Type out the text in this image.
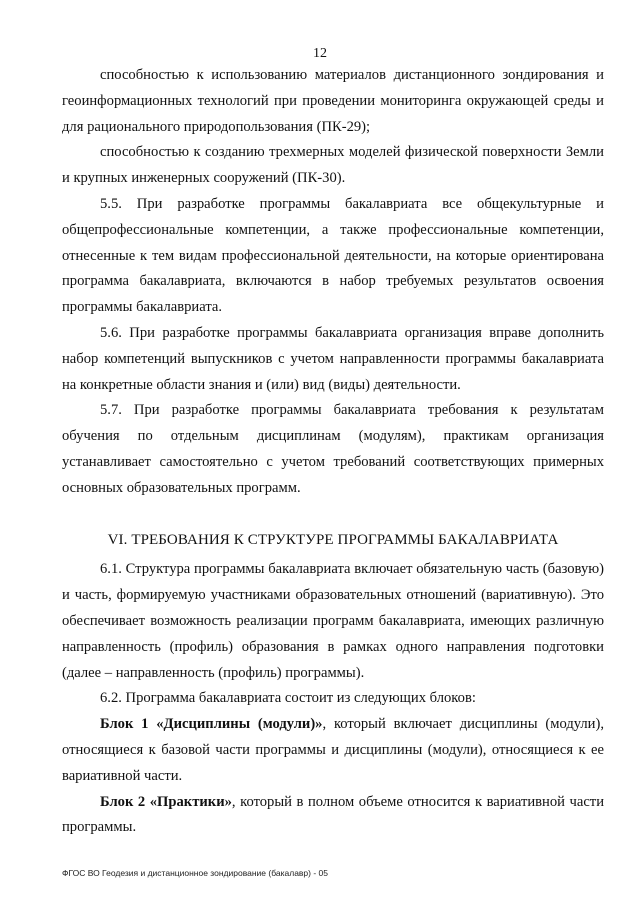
12

способностью к использованию материалов дистанционного зондирования и геоинформационных технологий при проведении мониторинга окружающей среды и для рационального природопользования (ПК-29);

способностью к созданию трехмерных моделей физической поверхности Земли и крупных инженерных сооружений (ПК-30).

5.5. При разработке программы бакалавриата все общекультурные и общепрофессиональные компетенции, а также профессиональные компетенции, отнесенные к тем видам профессиональной деятельности, на которые ориентирована программа бакалавриата, включаются в набор требуемых результатов освоения программы бакалавриата.

5.6. При разработке программы бакалавриата организация вправе дополнить набор компетенций выпускников с учетом направленности программы бакалавриата на конкретные области знания и (или) вид (виды) деятельности.

5.7. При разработке программы бакалавриата требования к результатам обучения по отдельным дисциплинам (модулям), практикам организация устанавливает самостоятельно с учетом требований соответствующих примерных основных образовательных программ.

VI. ТРЕБОВАНИЯ К СТРУКТУРЕ ПРОГРАММЫ БАКАЛАВРИАТА

6.1. Структура программы бакалавриата включает обязательную часть (базовую) и часть, формируемую участниками образовательных отношений (вариативную). Это обеспечивает возможность реализации программ бакалавриата, имеющих различную направленность (профиль) образования в рамках одного направления подготовки (далее – направленность (профиль) программы).

6.2. Программа бакалавриата состоит из следующих блоков:

Блок 1 «Дисциплины (модули)», который включает дисциплины (модули), относящиеся к базовой части программы и дисциплины (модули), относящиеся к ее вариативной части.

Блок 2 «Практики», который в полном объеме относится к вариативной части программы.

ФГОС ВО Геодезия и дистанционное зондирование (бакалавр) - 05
